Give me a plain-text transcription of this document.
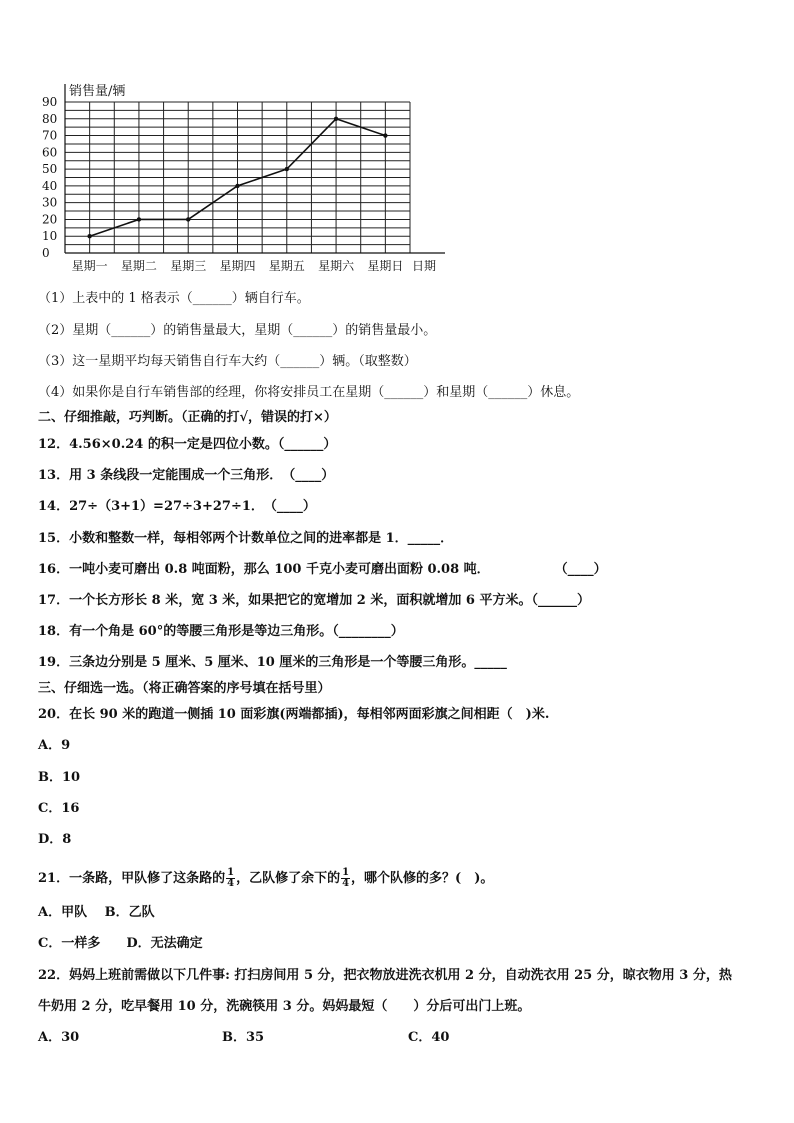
销售量/辆
0
10
20
30
40
50
60
70
80
90
星期一 星期二 星期三 星期四 星期五 星期六 星期日 日期
（1）上表中的 1 格表示（______）辆自行车。
（2）星期（______）的销售量最大，星期（______）的销售量最小。
（3）这一星期平均每天销售自行车大约（______）辆。（取整数）
（4）如果你是自行车销售部的经理，你将安排员工在星期（______）和星期（______）休息。
二、仔细推敲，巧判断。（正确的打√，错误的打×）
12．4.56×0.24 的积一定是四位小数。（______）
13．用 3 条线段一定能围成一个三角形．　（____）
14．27÷（3+1）=27÷3+27÷1．　（____）
15．小数和整数一样，每相邻两个计数单位之间的进率都是 1．_____．
16．一吨小麦可磨出 0.8 吨面粉，那么 100 千克小麦可磨出面粉 0.08 吨．　　　　　　（____）
17．一个长方形长 8 米，宽 3 米，如果把它的宽增加 2 米，面积就增加 6 平方米。（______）
18．有一个角是 60°的等腰三角形是等边三角形。（________）
19．三条边分别是 5 厘米、5 厘米、10 厘米的三角形是一个等腰三角形。_____
三、仔细选一选。（将正确答案的序号填在括号里）
20．在长 90 米的跑道一侧插 10 面彩旗(两端都插)，每相邻两面彩旗之间相距（　)米.
A．9
B．10
C．16
D．8
21．一条路，甲队修了这条路的 $\frac{1}{4}$ ，乙队修了余下的 $\frac{1}{4}$ ，哪个队修的多？(　)。
A．甲队　 B．乙队
C．一样多　　D．无法确定
22．妈妈上班前需做以下几件事: 打扫房间用 5 分，把衣物放进洗衣机用 2 分，自动洗衣用 25 分，晾衣物用 3 分，热
牛奶用 2 分，吃早餐用 10 分，洗碗筷用 3 分。妈妈最短（　　）分后可出门上班。
A．30	B．35	C．40
